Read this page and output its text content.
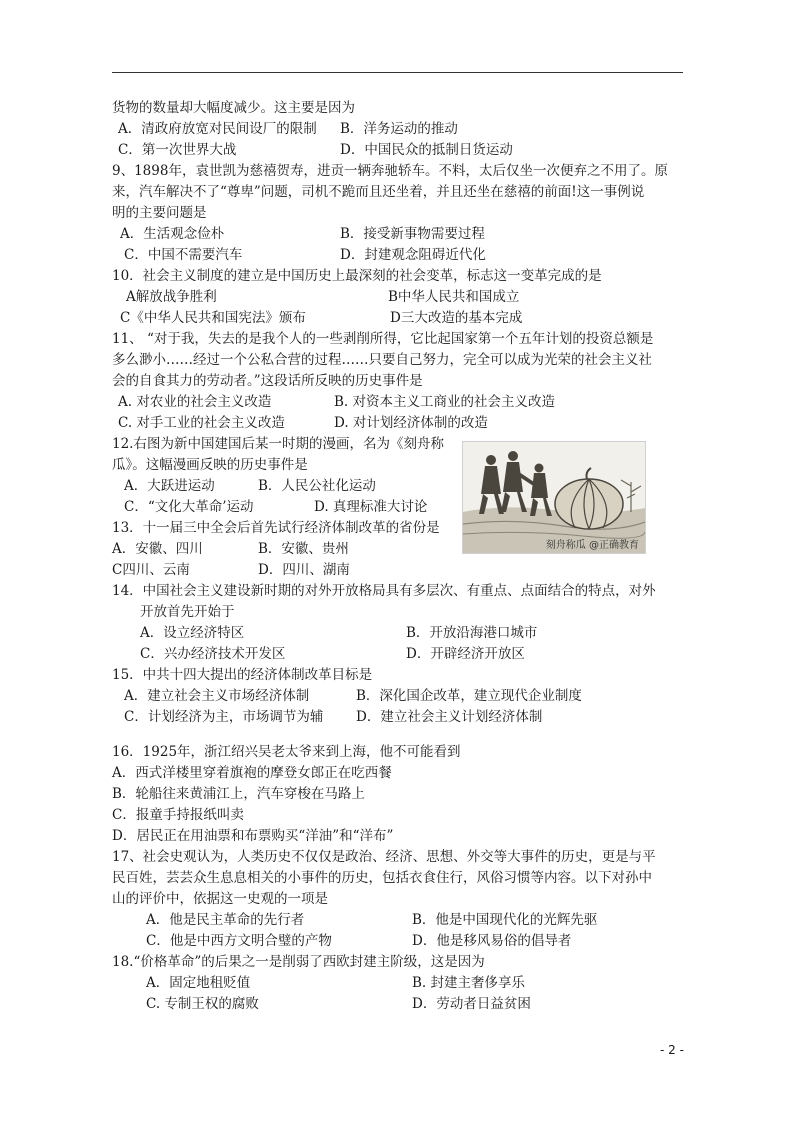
货物的数量却大幅度减少。这主要是因为
A．清政府放宽对民间设厂的限制 B．洋务运动的推动
C．第一次世界大战	D．中国民众的抵制日货运动
9、1898年，袁世凯为慈禧贺寿，进贡一辆奔驰轿车。不料，太后仅坐一次便弃之不用了。原
来，汽车解决不了“尊卑”问题，司机不跪而且还坐着，并且还坐在慈禧的前面!这一事例说
明的主要问题是
A．生活观念俭朴	B．接受新事物需要过程
C．中国不需要汽车	D．封建观念阻碍近代化
10．社会主义制度的建立是中国历史上最深刻的社会变革，标志这一变革完成的是
A解放战争胜利	B中华人民共和国成立
C《中华人民共和国宪法》颁布	D三大改造的基本完成
11、 “对于我，失去的是我个人的一些剥削所得，它比起国家第一个五年计划的投资总额是
多么渺小……经过一个公私合营的过程……只要自己努力，完全可以成为光荣的社会主义社
会的自食其力的劳动者。”这段话所反映的历史事件是
A. 对农业的社会主义改造	B. 对资本主义工商业的社会主义改造
C. 对手工业的社会主义改造	D. 对计划经济体制的改造
12.右图为新中国建国后某一时期的漫画，名为《刻舟称
瓜》。这幅漫画反映的历史事件是
A．大跃进运动	B．人民公社化运动
C．“文化大革命’运动	D. 真理标准大讨论
13．十一届三中全会后首先试行经济体制改革的省份是
A．安徽、四川	B．安徽、贵州
C四川、云南	D．四川、湖南
14．中国社会主义建设新时期的对外开放格局具有多层次、有重点、点面结合的特点，对外
开放首先开始于
A．设立经济特区	B．开放沿海港口城市
C．兴办经济技术开发区	D．开辟经济开放区
15．中共十四大提出的经济体制改革目标是
A．建立社会主义市场经济体制	B．深化国企改革，建立现代企业制度
C．计划经济为主，市场调节为辅 D．建立社会主义计划经济体制
16．1925年，浙江绍兴吴老太爷来到上海，他不可能看到
A．西式洋楼里穿着旗袍的摩登女郎正在吃西餐
B．轮船往来黄浦江上，汽车穿梭在马路上
C．报童手持报纸叫卖
D．居民正在用油票和布票购买“洋油”和“洋布”
17、社会史观认为，人类历史不仅仅是政治、经济、思想、外交等大事件的历史，更是与平
民百姓，芸芸众生息息相关的小事件的历史，包括衣食住行，风俗习惯等内容。以下对孙中
山的评价中，依据这一史观的一项是
A．他是民主革命的先行者	B．他是中国现代化的光辉先驱
C．他是中西方文明合璧的产物	D．他是移风易俗的倡导者
18.“价格革命”的后果之一是削弱了西欧封建主阶级，这是因为
A．固定地租贬值	B. 封建主奢侈享乐
C. 专制王权的腐败	D．劳动者日益贫困
刻舟称瓜 @正确教育
- 2 -
